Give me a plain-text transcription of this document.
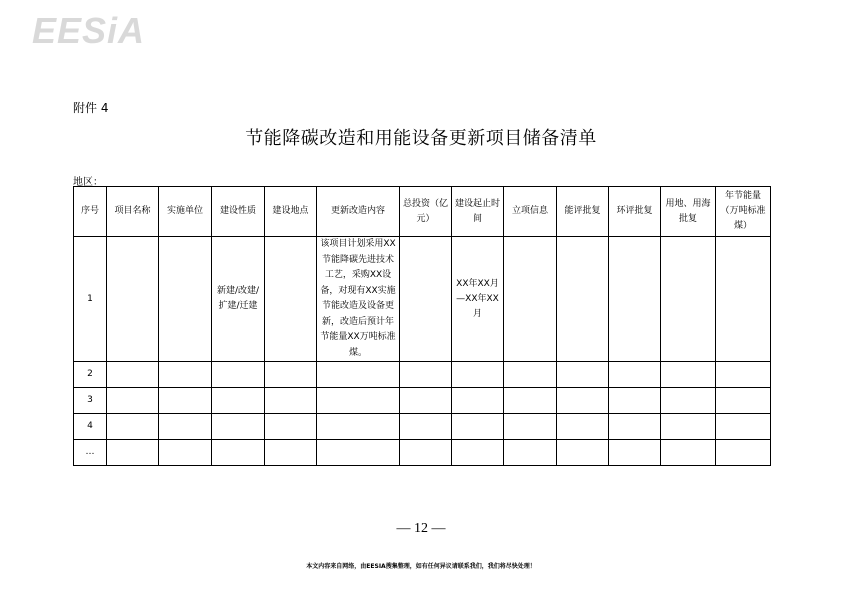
EESiA
附件 4
节能降碳改造和用能设备更新项目储备清单
地区：
序号	项目名称	实施单位	建设性质	建设地点	更新改造内容	总投资（亿元）	建设起止时间	立项信息	能评批复	环评批复	用地、用海批复	年节能量（万吨标准煤）
1			新建/改建/扩建/迁建		该项目计划采用XX节能降碳先进技术工艺，采购XX设备，对现有XX实施节能改造及设备更新，改造后预计年节能量XX万吨标准煤。		XX年XX月—XX年XX月					
2												
3												
4												
…												
— 12 —
本文内容来自网络，由EESIA搜集整理，如有任何异议请联系我们，我们将尽快处理！
